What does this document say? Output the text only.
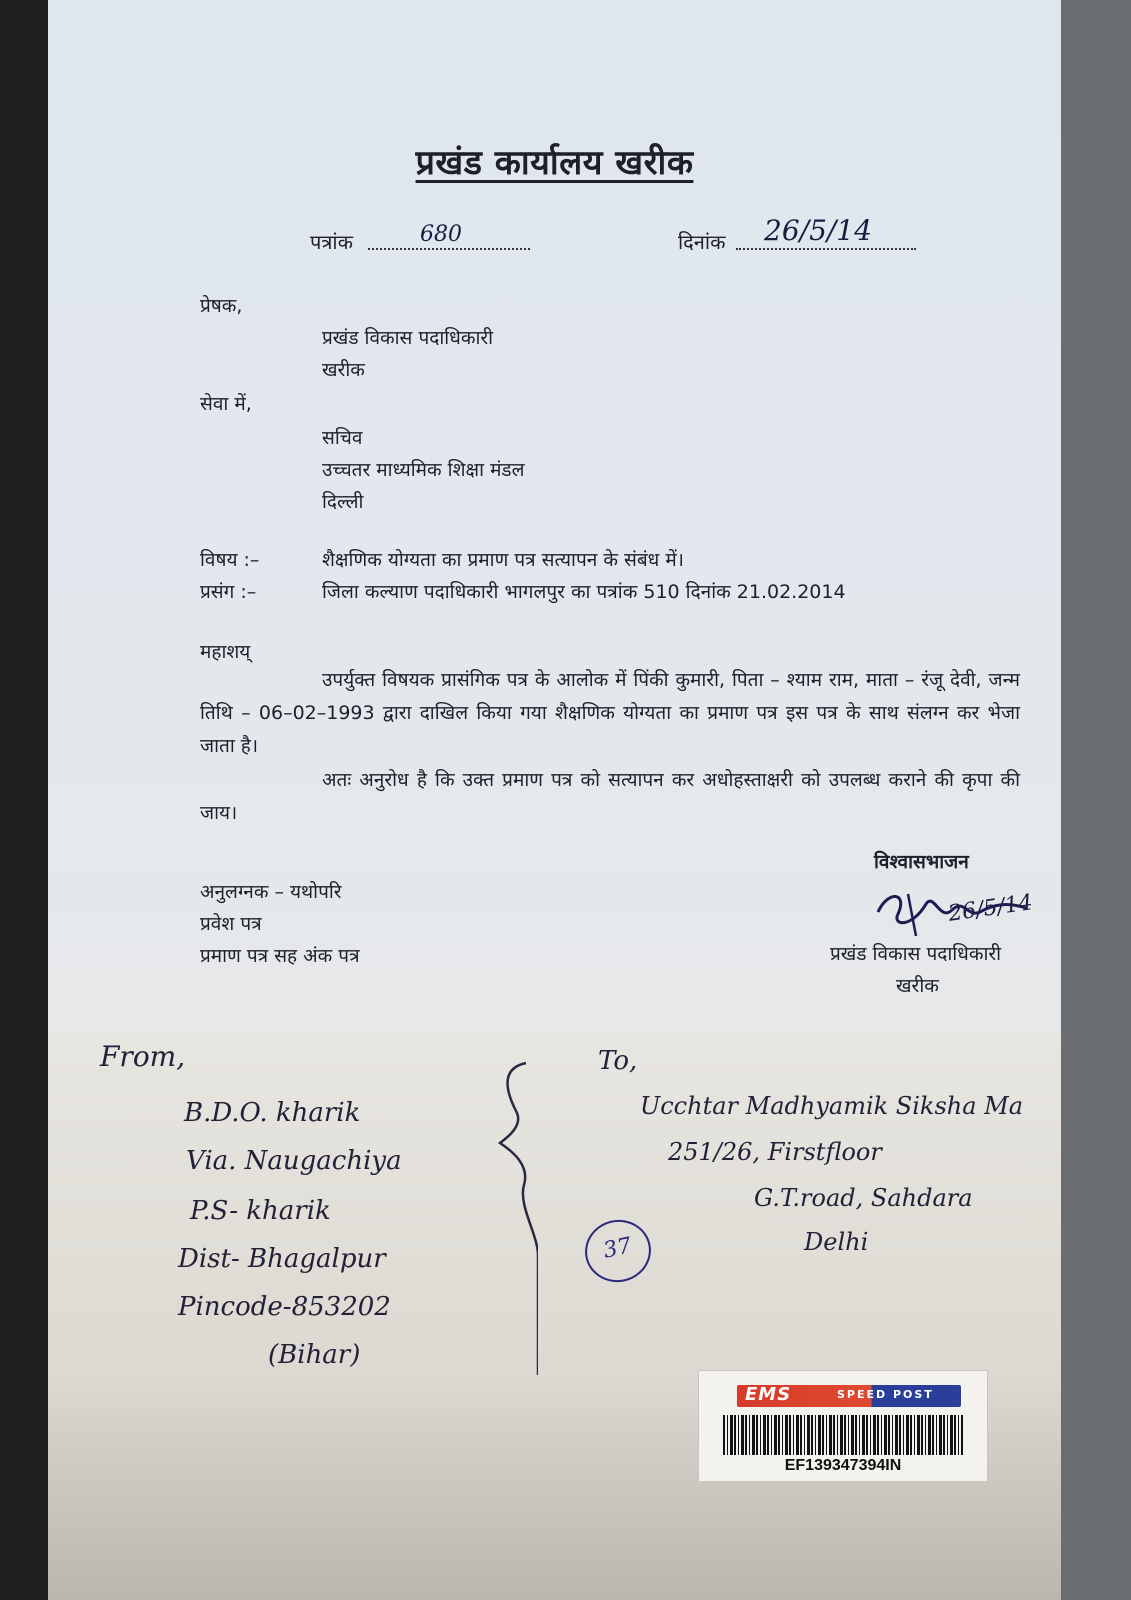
प्रखंड कार्यालय खरीक
पत्रांक	680	दिनांक 26/5/14
प्रेषक,
प्रखंड विकास पदाधिकारी
खरीक
सेवा में,
सचिव
उच्चतर माध्यमिक शिक्षा मंडल
दिल्ली
विषय :–	शैक्षणिक योग्यता का प्रमाण पत्र सत्यापन के संबंध में।
प्रसंग :–	जिला कल्याण पदाधिकारी भागलपुर का पत्रांक 510 दिनांक 21.02.2014
महाशय्
उपर्युक्त विषयक प्रासंगिक पत्र के आलोक में पिंकी कुमारी, पिता – श्याम राम, माता – रंजू देवी, जन्म तिथि – 06–02–1993 द्वारा दाखिल किया गया शैक्षणिक योग्यता का प्रमाण पत्र इस पत्र के साथ संलग्न कर भेजा जाता है।
अतः अनुरोध है कि उक्त प्रमाण पत्र को सत्यापन कर अधोहस्ताक्षरी को उपलब्ध कराने की कृपा की जाय।
विश्वासभाजन
अनुलग्नक – यथोपरि
प्रवेश पत्र
प्रमाण पत्र सह अंक पत्र
26/5/14
प्रखंड विकास पदाधिकारी
खरीक
From,
B.D.O. kharik
Via. Naugachiya
P.S- kharik
Dist- Bhagalpur
Pincode-853202
(Bihar)
To,
Ucchtar Madhyamik Siksha Ma
251/26, Firstfloor
G.T.road, Sahdara
Delhi
37
EMS	SPEED POST
EF139347394IN
